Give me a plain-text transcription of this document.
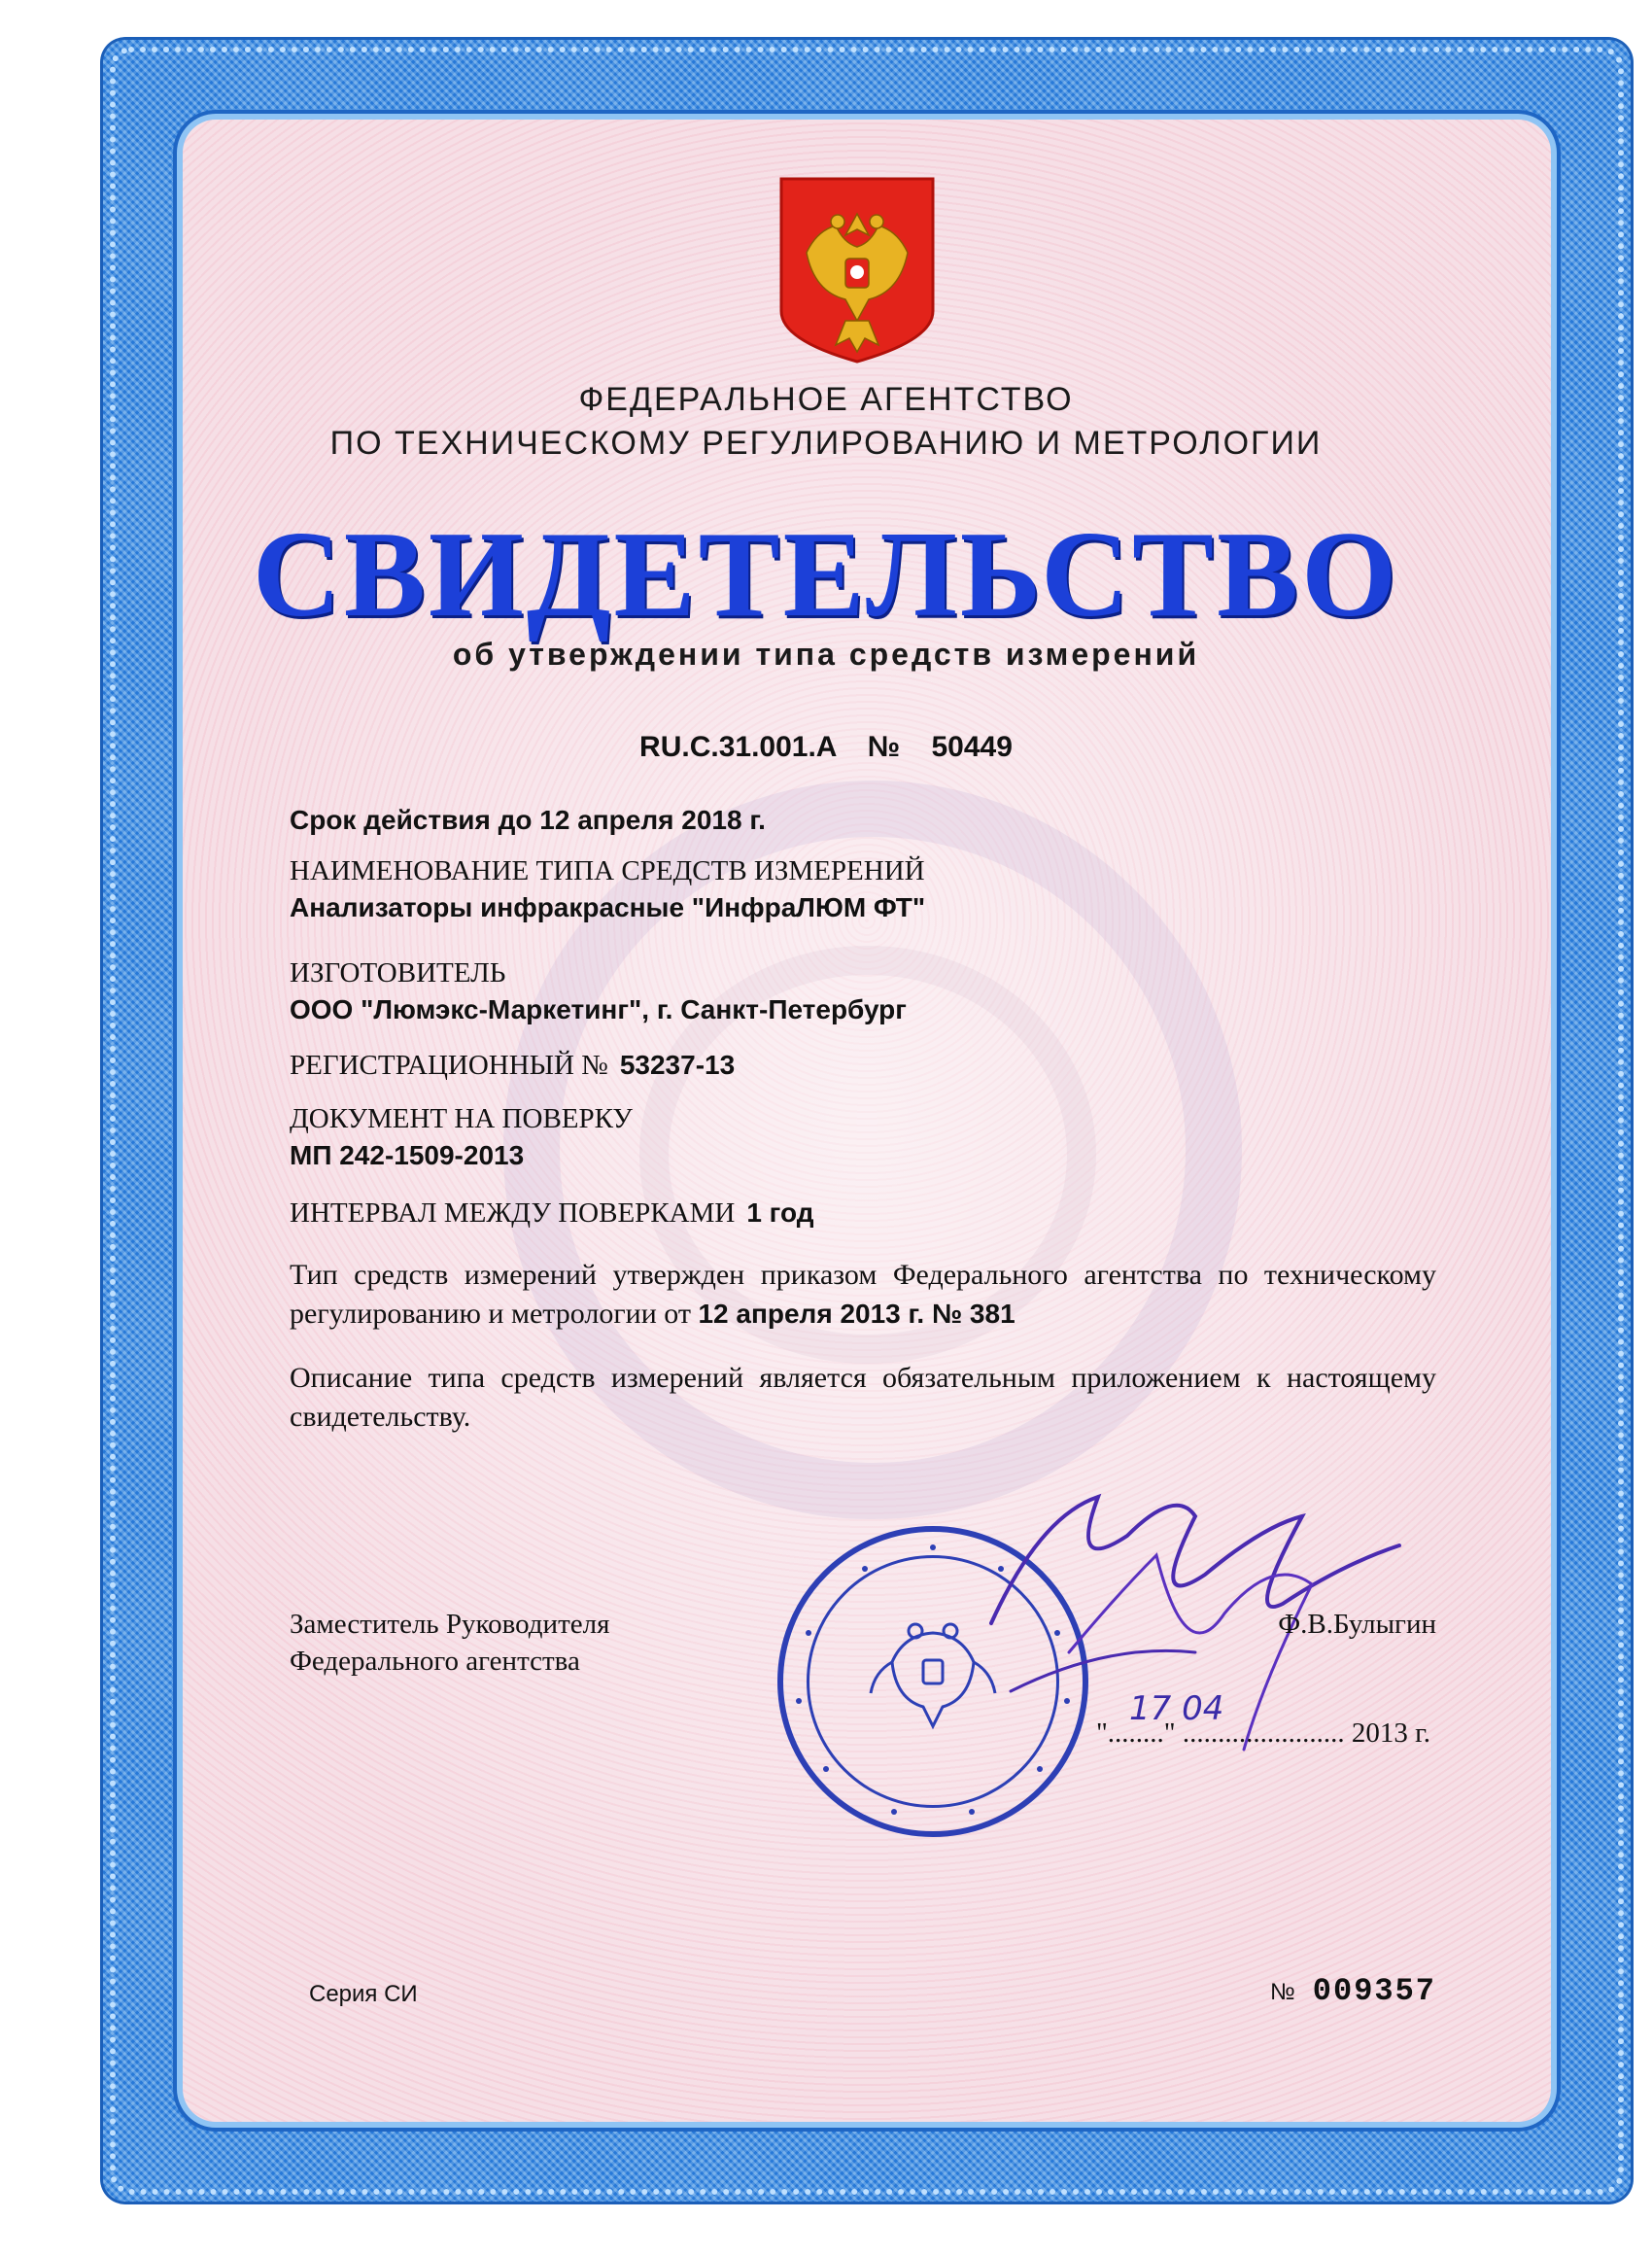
ФЕДЕРАЛЬНОЕ АГЕНТСТВО

ПО ТЕХНИЧЕСКОМУ РЕГУЛИРОВАНИЮ И МЕТРОЛОГИИ

СВИДЕТЕЛЬСТВО

об утверждении типа средств измерений

RU.C.31.001.A № 50449

Срок действия до 12 апреля 2018 г.

НАИМЕНОВАНИЕ ТИПА СРЕДСТВ ИЗМЕРЕНИЙ

Анализаторы инфракрасные "ИнфраЛЮМ ФТ"

ИЗГОТОВИТЕЛЬ

ООО "Люмэкс-Маркетинг", г. Санкт-Петербург

РЕГИСТРАЦИОННЫЙ № 53237-13

ДОКУМЕНТ НА ПОВЕРКУ

МП 242-1509-2013

ИНТЕРВАЛ МЕЖДУ ПОВЕРКАМИ 1 год

Тип средств измерений утвержден приказом Федерального агентства по техническому регулированию и метрологии от 12 апреля 2013 г. № 381

Описание типа средств измерений является обязательным приложением к настоящему свидетельству.

Заместитель Руководителя

Федерального агентства

Ф.В.Булыгин

17 04

"........" ....................... 2013 г.

Серия СИ	№ 009357
